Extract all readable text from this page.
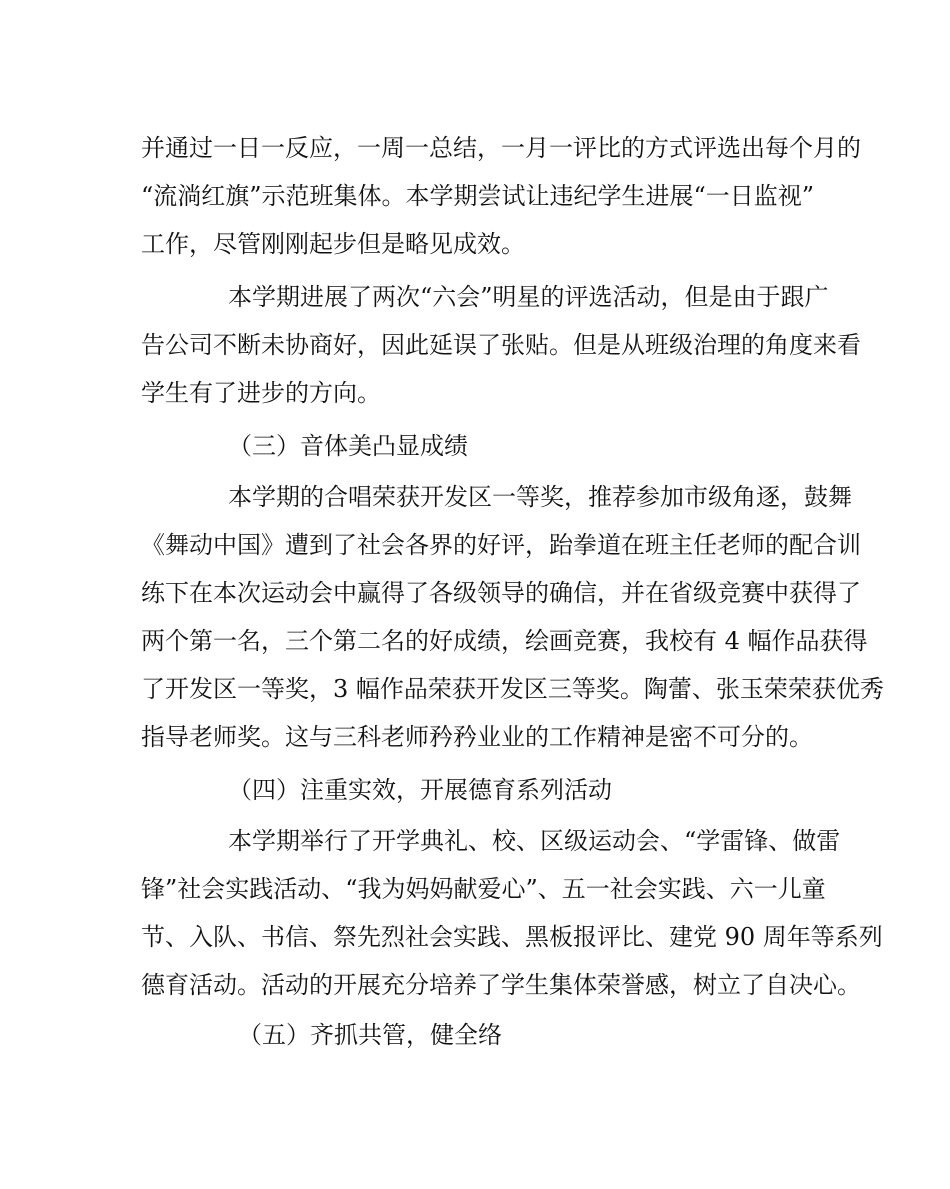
并通过一日一反应，一周一总结，一月一评比的方式评选出每个月的

“流淌红旗”示范班集体。本学期尝试让违纪学生进展“一日监视”

工作，尽管刚刚起步但是略见成效。

本学期进展了两次“六会”明星的评选活动，但是由于跟广

告公司不断未协商好，因此延误了张贴。但是从班级治理的角度来看

学生有了进步的方向。

（三）音体美凸显成绩

本学期的合唱荣获开发区一等奖，推荐参加市级角逐，鼓舞

《舞动中国》遭到了社会各界的好评，跆拳道在班主任老师的配合训

练下在本次运动会中赢得了各级领导的确信，并在省级竞赛中获得了

两个第一名，三个第二名的好成绩，绘画竞赛，我校有 4 幅作品获得

了开发区一等奖，3 幅作品荣获开发区三等奖。陶蕾、张玉荣荣获优秀

指导老师奖。这与三科老师矜矜业业的工作精神是密不可分的。

（四）注重实效，开展德育系列活动

本学期举行了开学典礼、校、区级运动会、“学雷锋、做雷

锋”社会实践活动、“我为妈妈献爱心”、五一社会实践、六一儿童

节、入队、书信、祭先烈社会实践、黑板报评比、建党 90 周年等系列

德育活动。活动的开展充分培养了学生集体荣誉感，树立了自决心。

（五）齐抓共管，健全络
